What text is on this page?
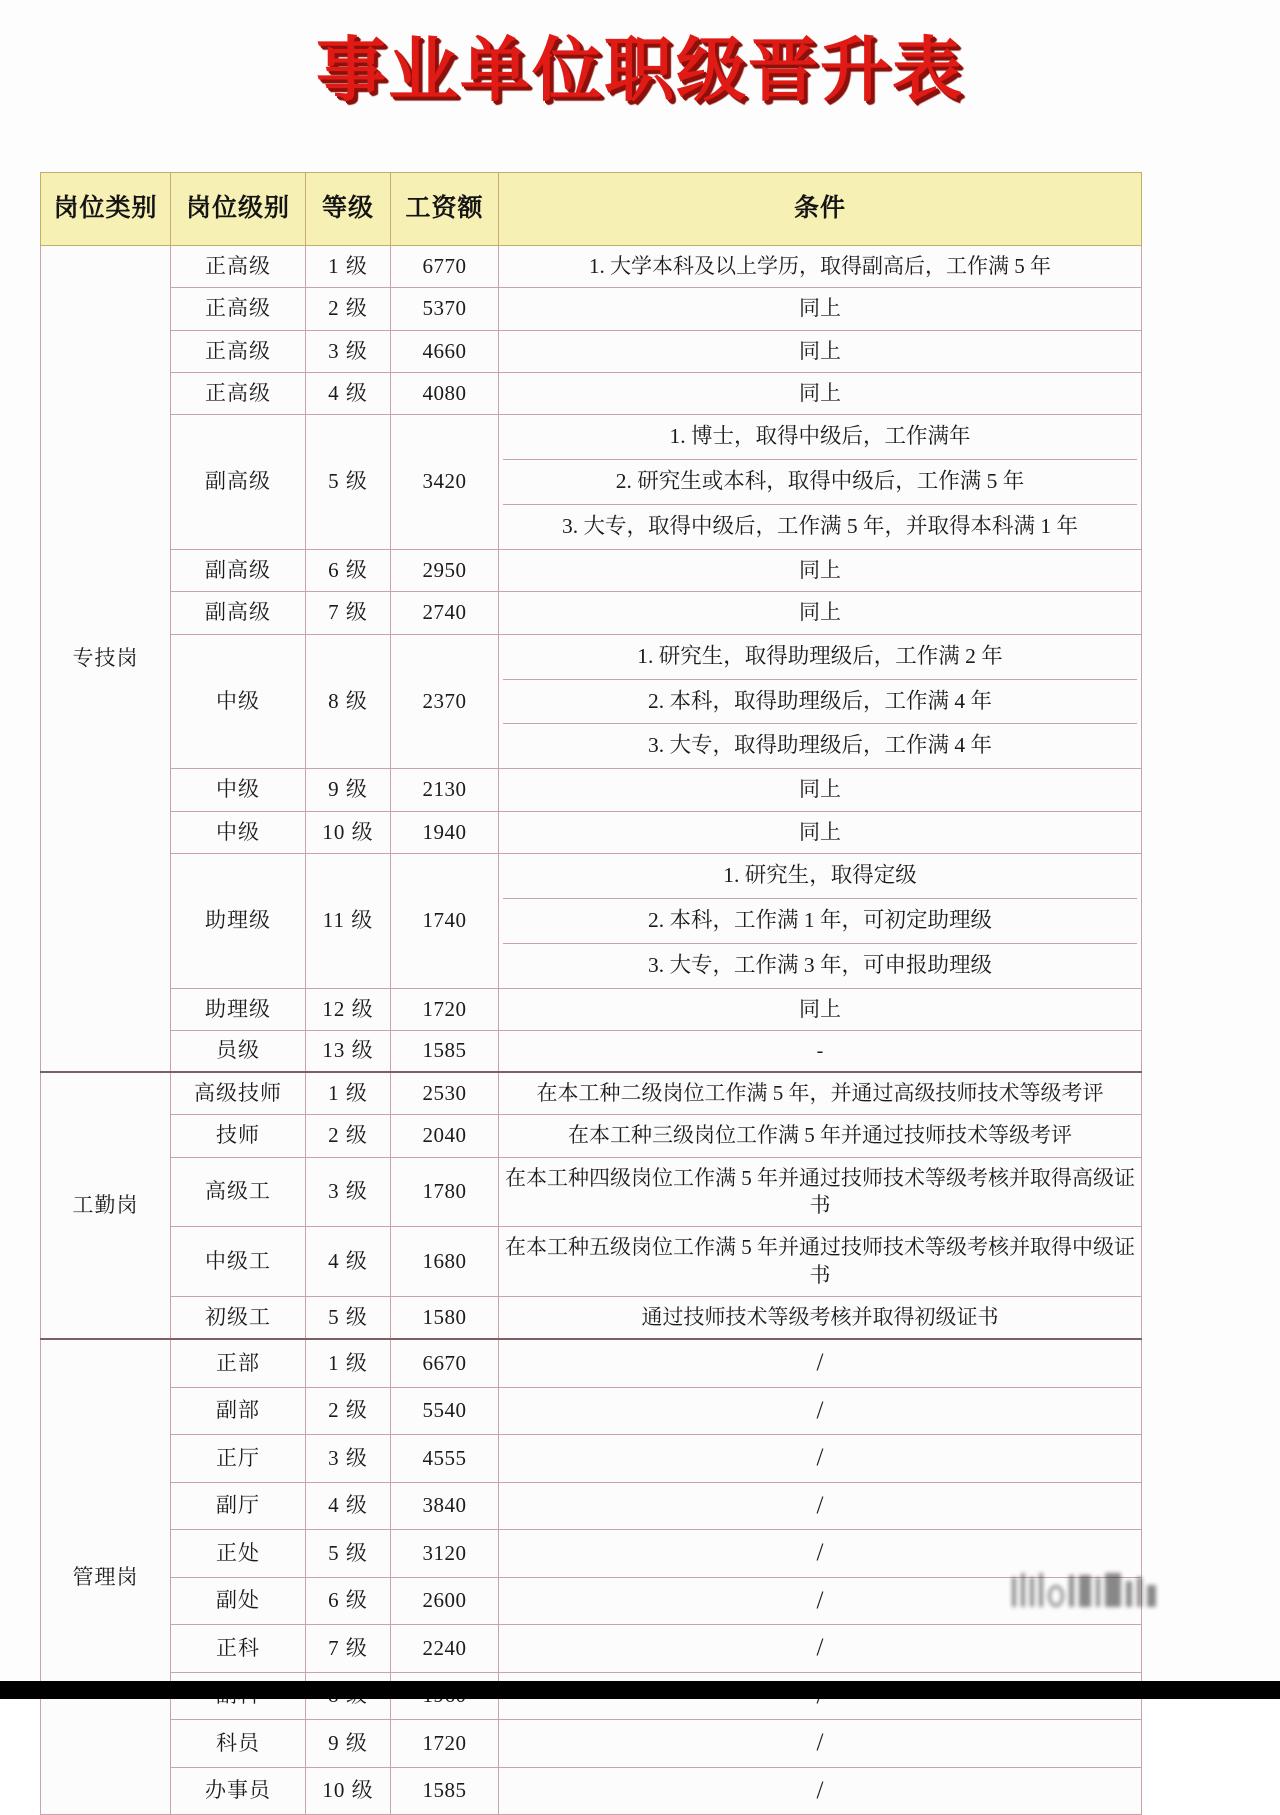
事业单位职级晋升表
岗位类别	岗位级别	等级	工资额	条件
专技岗	正高级	1 级	6770	1. 大学本科及以上学历，取得副高后，工作满 5 年
	正高级	2 级	5370	同上
	正高级	3 级	4660	同上
	正高级	4 级	4080	同上
	副高级	5 级	3420	1. 博士，取得中级后，工作满年
2. 研究生或本科，取得中级后，工作满 5 年
3. 大专，取得中级后，工作满 5 年，并取得本科满 1 年

	副高级	6 级	2950	同上
	副高级	7 级	2740	同上
	中级	8 级	2370	1. 研究生，取得助理级后，工作满 2 年
2. 本科，取得助理级后，工作满 4 年
3. 大专，取得助理级后，工作满 4 年

	中级	9 级	2130	同上
	中级	10 级	1940	同上
	助理级	11 级	1740	1. 研究生，取得定级
2. 本科，工作满 1 年，可初定助理级
3. 大专，工作满 3 年，可申报助理级

	助理级	12 级	1720	同上
	员级	13 级	1585	-
工勤岗	高级技师	1 级	2530	在本工种二级岗位工作满 5 年，并通过高级技师技术等级考评
	技师	2 级	2040	在本工种三级岗位工作满 5 年并通过技师技术等级考评
	高级工	3 级	1780	在本工种四级岗位工作满 5 年并通过技师技术等级考核并取得高级证书
	中级工	4 级	1680	在本工种五级岗位工作满 5 年并通过技师技术等级考核并取得中级证书
	初级工	5 级	1580	通过技师技术等级考核并取得初级证书
管理岗	正部	1 级	6670	/
	副部	2 级	5540	/
	正厅	3 级	4555	/
	副厅	4 级	3840	/
	正处	5 级	3120	/
	副处	6 级	2600	/
	正科	7 级	2240	/

	科员	9 级	1720	/
	办事员	10 级	1585	/
